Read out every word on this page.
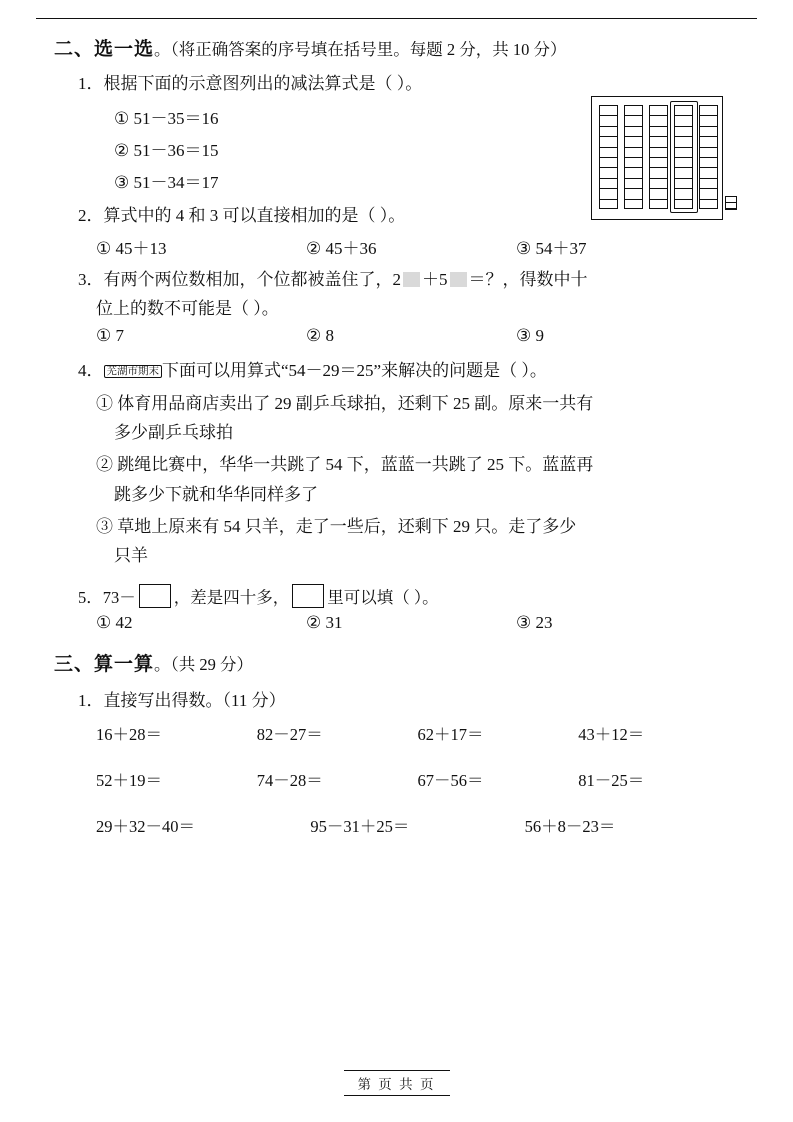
二、选一选。（将正确答案的序号填在括号里。每题 2 分，共 10 分）
1．根据下面的示意图列出的减法算式是（ ）。
① 51－35＝16
② 51－36＝15
③ 51－34＝17
2．算式中的 4 和 3 可以直接相加的是（ ）。
① 45＋13	② 45＋36	③ 54＋37
3．有两个两位数相加，个位都被盖住了，2 ＋5 ＝？，得数中十
位上的数不可能是（ ）。
① 7	② 8	③ 9
4． 芜湖市期末 下面可以用算式“54－29＝25”来解决的问题是（ ）。
① 体育用品商店卖出了 29 副乒乓球拍，还剩下 25 副。原来一共有
多少副乒乓球拍
② 跳绳比赛中，华华一共跳了 54 下，蓝蓝一共跳了 25 下。蓝蓝再
跳多少下就和华华同样多了
③ 草地上原来有 54 只羊，走了一些后，还剩下 29 只。走了多少
只羊
5．73－ ，差是四十多， 里可以填（ ）。
① 42	② 31	③ 23
三、算一算。（共 29 分）
1．直接写出得数。（11 分）
16＋28＝	82－27＝	62＋17＝	43＋12＝
52＋19＝	74－28＝	67－56＝	81－25＝
29＋32－40＝	95－31＋25＝	56＋8－23＝
第 页 共 页
